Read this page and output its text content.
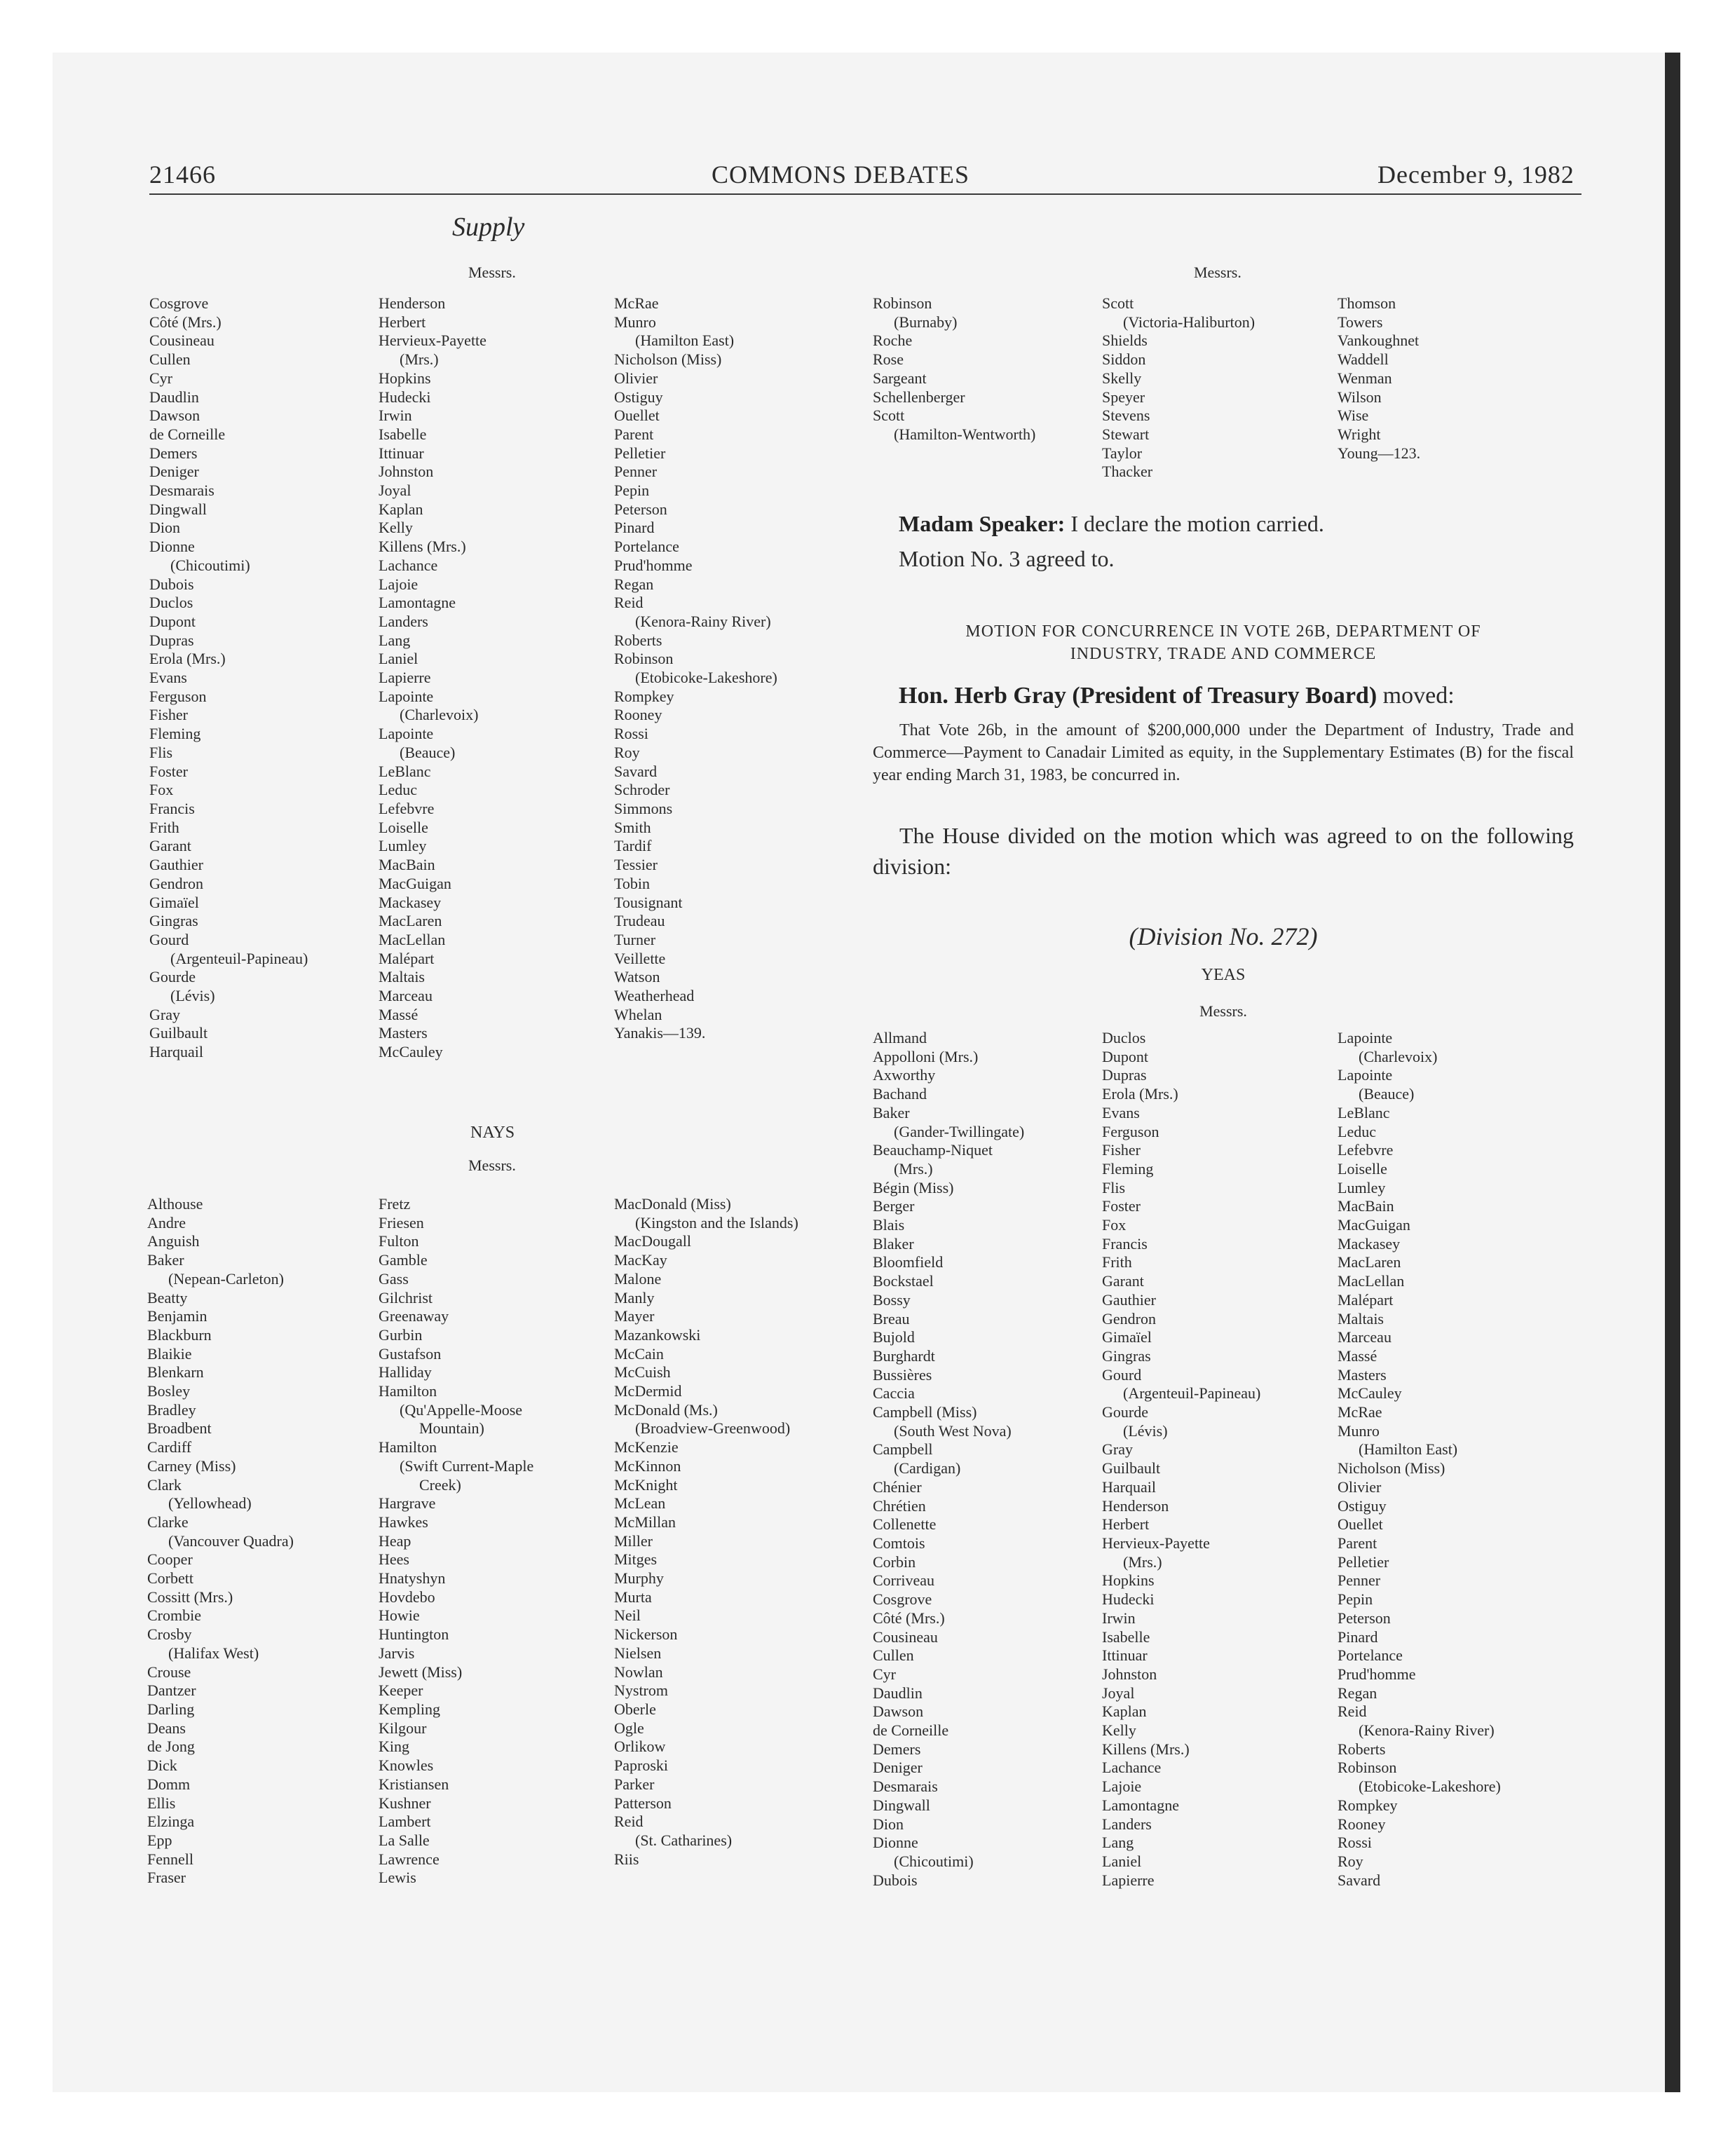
21466	COMMONS DEBATES	December 9, 1982
Supply
Messrs.
Cosgrove
Côté (Mrs.)
Cousineau
Cullen
Cyr
Daudlin
Dawson
de Corneille
Demers
Deniger
Desmarais
Dingwall
Dion
Dionne
(Chicoutimi)
Dubois
Duclos
Dupont
Dupras
Erola (Mrs.)
Evans
Ferguson
Fisher
Fleming
Flis
Foster
Fox
Francis
Frith
Garant
Gauthier
Gendron
Gimaïel
Gingras
Gourd
(Argenteuil-Papineau)
Gourde
(Lévis)
Gray
Guilbault
Harquail
Henderson
Herbert
Hervieux-Payette
(Mrs.)
Hopkins
Hudecki
Irwin
Isabelle
Ittinuar
Johnston
Joyal
Kaplan
Kelly
Killens (Mrs.)
Lachance
Lajoie
Lamontagne
Landers
Lang
Laniel
Lapierre
Lapointe
(Charlevoix)
Lapointe
(Beauce)
LeBlanc
Leduc
Lefebvre
Loiselle
Lumley
MacBain
MacGuigan
Mackasey
MacLaren
MacLellan
Malépart
Maltais
Marceau
Massé
Masters
McCauley
McRae
Munro
(Hamilton East)
Nicholson (Miss)
Olivier
Ostiguy
Ouellet
Parent
Pelletier
Penner
Pepin
Peterson
Pinard
Portelance
Prud'homme
Regan
Reid
(Kenora-Rainy River)
Roberts
Robinson
(Etobicoke-Lakeshore)
Rompkey
Rooney
Rossi
Roy
Savard
Schroder
Simmons
Smith
Tardif
Tessier
Tobin
Tousignant
Trudeau
Turner
Veillette
Watson
Weatherhead
Whelan
Yanakis—139.
NAYS
Messrs.
Althouse
Andre
Anguish
Baker
(Nepean-Carleton)
Beatty
Benjamin
Blackburn
Blaikie
Blenkarn
Bosley
Bradley
Broadbent
Cardiff
Carney (Miss)
Clark
(Yellowhead)
Clarke
(Vancouver Quadra)
Cooper
Corbett
Cossitt (Mrs.)
Crombie
Crosby
(Halifax West)
Crouse
Dantzer
Darling
Deans
de Jong
Dick
Domm
Ellis
Elzinga
Epp
Fennell
Fraser
Fretz
Friesen
Fulton
Gamble
Gass
Gilchrist
Greenaway
Gurbin
Gustafson
Halliday
Hamilton
(Qu'Appelle-Moose
Mountain)
Hamilton
(Swift Current-Maple
Creek)
Hargrave
Hawkes
Heap
Hees
Hnatyshyn
Hovdebo
Howie
Huntington
Jarvis
Jewett (Miss)
Keeper
Kempling
Kilgour
King
Knowles
Kristiansen
Kushner
Lambert
La Salle
Lawrence
Lewis
MacDonald (Miss)
(Kingston and the Islands)
MacDougall
MacKay
Malone
Manly
Mayer
Mazankowski
McCain
McCuish
McDermid
McDonald (Ms.)
(Broadview-Greenwood)
McKenzie
McKinnon
McKnight
McLean
McMillan
Miller
Mitges
Murphy
Murta
Neil
Nickerson
Nielsen
Nowlan
Nystrom
Oberle
Ogle
Orlikow
Paproski
Parker
Patterson
Reid
(St. Catharines)
Riis
Messrs.
Robinson
(Burnaby)
Roche
Rose
Sargeant
Schellenberger
Scott
(Hamilton-Wentworth)
Scott
(Victoria-Haliburton)
Shields
Siddon
Skelly
Speyer
Stevens
Stewart
Taylor
Thacker
Thomson
Towers
Vankoughnet
Waddell
Wenman
Wilson
Wise
Wright
Young—123.
Madam Speaker: I declare the motion carried.
Motion No. 3 agreed to.
MOTION FOR CONCURRENCE IN VOTE 26B, DEPARTMENT OF
INDUSTRY, TRADE AND COMMERCE
Hon. Herb Gray (President of Treasury Board) moved:
That Vote 26b, in the amount of $200,000,000 under the Department of Industry, Trade and Commerce—Payment to Canadair Limited as equity, in the Supplementary Estimates (B) for the fiscal year ending March 31, 1983, be concurred in.
The House divided on the motion which was agreed to on the following division:
(Division No. 272)
YEAS
Messrs.
Allmand
Appolloni (Mrs.)
Axworthy
Bachand
Baker
(Gander-Twillingate)
Beauchamp-Niquet
(Mrs.)
Bégin (Miss)
Berger
Blais
Blaker
Bloomfield
Bockstael
Bossy
Breau
Bujold
Burghardt
Bussières
Caccia
Campbell (Miss)
(South West Nova)
Campbell
(Cardigan)
Chénier
Chrétien
Collenette
Comtois
Corbin
Corriveau
Cosgrove
Côté (Mrs.)
Cousineau
Cullen
Cyr
Daudlin
Dawson
de Corneille
Demers
Deniger
Desmarais
Dingwall
Dion
Dionne
(Chicoutimi)
Dubois
Duclos
Dupont
Dupras
Erola (Mrs.)
Evans
Ferguson
Fisher
Fleming
Flis
Foster
Fox
Francis
Frith
Garant
Gauthier
Gendron
Gimaïel
Gingras
Gourd
(Argenteuil-Papineau)
Gourde
(Lévis)
Gray
Guilbault
Harquail
Henderson
Herbert
Hervieux-Payette
(Mrs.)
Hopkins
Hudecki
Irwin
Isabelle
Ittinuar
Johnston
Joyal
Kaplan
Kelly
Killens (Mrs.)
Lachance
Lajoie
Lamontagne
Landers
Lang
Laniel
Lapierre
Lapointe
(Charlevoix)
Lapointe
(Beauce)
LeBlanc
Leduc
Lefebvre
Loiselle
Lumley
MacBain
MacGuigan
Mackasey
MacLaren
MacLellan
Malépart
Maltais
Marceau
Massé
Masters
McCauley
McRae
Munro
(Hamilton East)
Nicholson (Miss)
Olivier
Ostiguy
Ouellet
Parent
Pelletier
Penner
Pepin
Peterson
Pinard
Portelance
Prud'homme
Regan
Reid
(Kenora-Rainy River)
Roberts
Robinson
(Etobicoke-Lakeshore)
Rompkey
Rooney
Rossi
Roy
Savard
